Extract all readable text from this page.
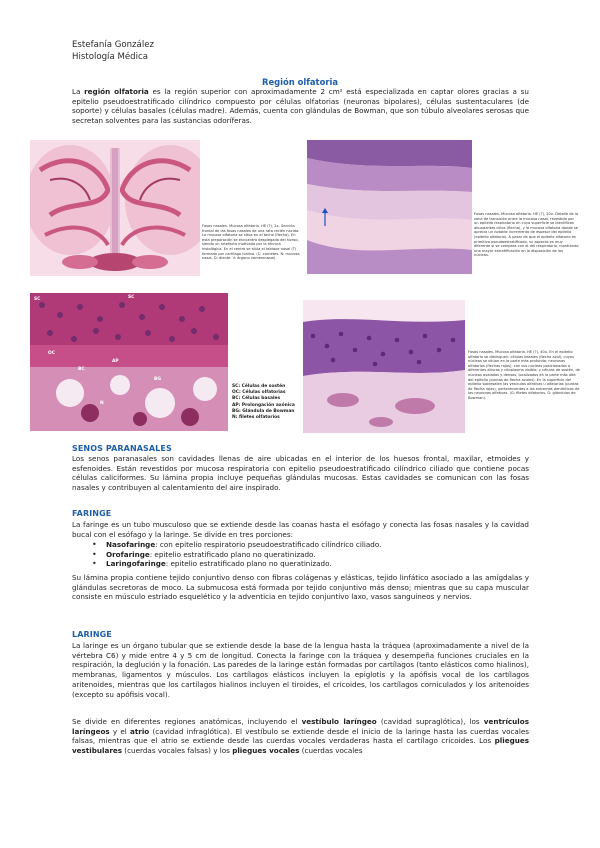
Estefanía González
Histología Médica
Región olfatoria
La región olfatoria es la región superior con aproximadamente 2 cm² está especializada en captar olores gracias a su epitelio pseudoestratificado cilíndrico compuesto por células olfatorias (neuronas bipolares), células sustentaculares (de soporte) y células basales (células madre). Además, cuenta con glándulas de Bowman, que son túbulo alveolares serosas que secretan solventes para las sustancias odoríferas.
Fosas nasales. Mucosa olfatoria. HE (?), 2x. Sección frontal de las fosas nasales de una rata recién nacida. La mucosa olfatoria se sitúa en el techo (flecha). En esta preparación se encuentra desplegada del hueso, siendo un artefacto motivado por la técnica histológica. En el centro se sitúa el tabique nasal (T) formado por cartílago hialino. (C: cornetes. N: mucosa nasal. D: diente. V: órgano vomeronasal).
Fosas nasales. Mucosa olfatoria. HE (?), 20x. Detalle de la zona de transición entre la mucosa nasal, revestida por un epitelio respiratorio en cuya superficie se identifican abundantes cilios (flecha), y la mucosa olfatoria donde se aprecia un notable incremento de espesor del epitelio (epitelio olfatorio). A pesar de que el epitelio olfatorio es primitivo pseudoestratificado, su aspecto es muy diferente si se compara con el del respiratorio, mostrando una mayor estratificación en la disposición de los núcleos.
SC	SC
OC
BC
AP
BG
N
SC: Células de sostén
OC: Células olfatorias
BC: Células basales
AP: Prolongación axónica
BG: Glándula de Bowman
N: filetes olfatorios
Fosas nasales. Mucosa olfatoria. HE (?), 40x. En el epitelio olfatorio se distinguen: células basales (flecha azul), cuyos núcleos se sitúan en la parte más profunda; neuronas olfatorias (flechas rojas), con sus núcleos posicionados a diferentes alturas y citoplasma visible; y células de sostén, de núcleos ovalados y densos, localizados en la parte más alta del epitelio (puntas de flecha azules). En la superficie del epitelio sobresalen las vesículas olfativas u olfatorias (puntas de flecha rojas), pertenecientes a los extremos dendríticos de las neuronas olfativas. (G: filetes olfatorios. G: glándulas de Bowman).
SENOS PARANASALES
Los senos paranasales son cavidades llenas de aire ubicadas en el interior de los huesos frontal, maxilar, etmoides y esfenoides. Están revestidos por mucosa respiratoria con epitelio pseudoestratificado cilíndrico ciliado que contiene pocas células caliciformes. Su lámina propia incluye pequeñas glándulas mucosas. Estas cavidades se comunican con las fosas nasales y contribuyen al calentamiento del aire inspirado.
FARINGE
La faringe es un tubo musculoso que se extiende desde las coanas hasta el esófago y conecta las fosas nasales y la cavidad bucal con el esófago y la laringe. Se divide en tres porciones:
• Nasofaringe: con epitelio respiratorio pseudoestratificado cilíndrico ciliado.
• Orofaringe: epitelio estratificado plano no queratinizado.
• Laringofaringe: epitelio estratificado plano no queratinizado.
Su lámina propia contiene tejido conjuntivo denso con fibras colágenas y elásticas, tejido linfático asociado a las amígdalas y glándulas secretoras de moco. La submucosa está formada por tejido conjuntivo más denso; mientras que su capa muscular consiste en músculo estriado esquelético y la adventicia en tejido conjuntivo laxo, vasos sanguíneos y nervios.
LARINGE
La laringe es un órgano tubular que se extiende desde la base de la lengua hasta la tráquea (aproximadamente a nivel de la vértebra C6) y mide entre 4 y 5 cm de longitud. Conecta la faringe con la tráquea y desempeña funciones cruciales en la respiración, la deglución y la fonación. Las paredes de la laringe están formadas por cartílagos (tanto elásticos como hialinos), membranas, ligamentos y músculos. Los cartílagos elásticos incluyen la epiglotis y la apófisis vocal de los cartílagos aritenoides, mientras que los cartílagos hialinos incluyen el tiroides, el cricoides, los cartílagos corniculados y los aritenoides (excepto su apófisis vocal).
Se divide en diferentes regiones anatómicas, incluyendo el vestíbulo laríngeo (cavidad supraglótica), los ventrículos laríngeos y el atrio (cavidad infraglótica). El vestíbulo se extiende desde el inicio de la laringe hasta las cuerdas vocales falsas, mientras que el atrio se extiende desde las cuerdas vocales verdaderas hasta el cartílago cricoides. Los pliegues vestibulares (cuerdas vocales falsas) y los pliegues vocales (cuerdas vocales
